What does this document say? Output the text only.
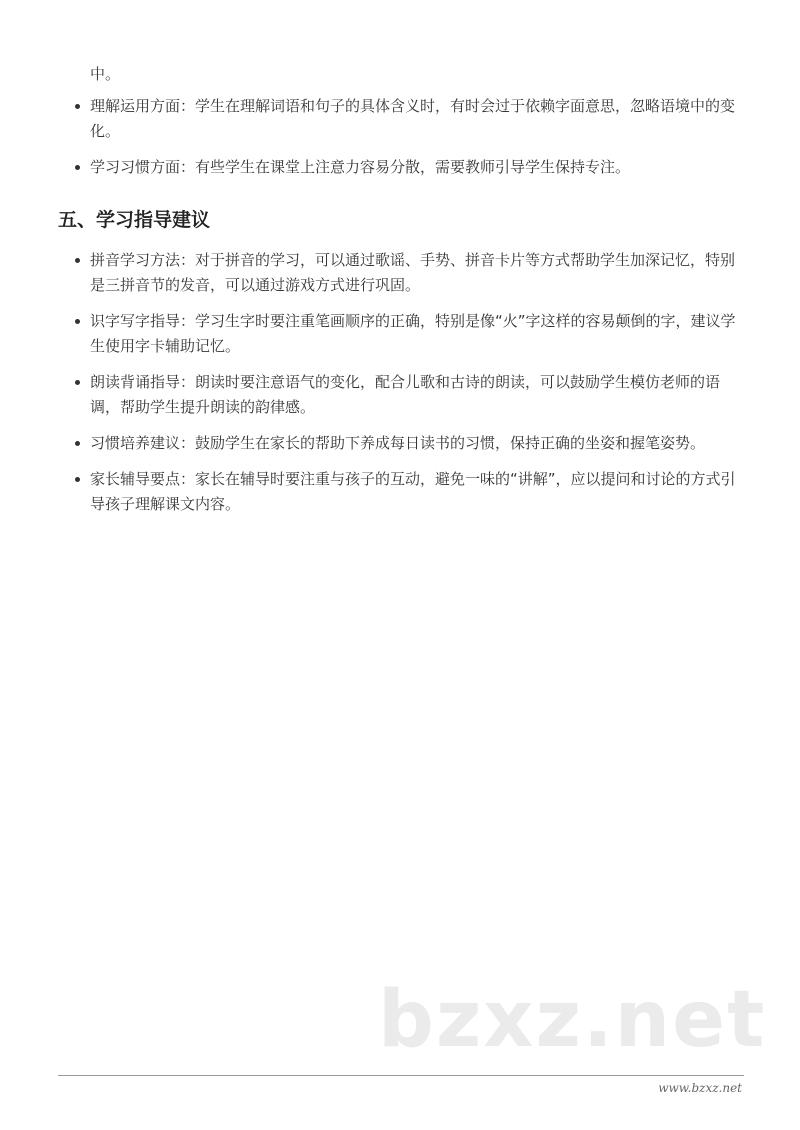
中。
理解运用方面：学生在理解词语和句子的具体含义时，有时会过于依赖字面意思，忽略语境中的变化。
学习习惯方面：有些学生在课堂上注意力容易分散，需要教师引导学生保持专注。
五、学习指导建议
拼音学习方法：对于拼音的学习，可以通过歌谣、手势、拼音卡片等方式帮助学生加深记忆，特别是三拼音节的发音，可以通过游戏方式进行巩固。
识字写字指导：学习生字时要注重笔画顺序的正确，特别是像“火”字这样的容易颠倒的字，建议学生使用字卡辅助记忆。
朗读背诵指导：朗读时要注意语气的变化，配合儿歌和古诗的朗读，可以鼓励学生模仿老师的语调，帮助学生提升朗读的韵律感。
习惯培养建议：鼓励学生在家长的帮助下养成每日读书的习惯，保持正确的坐姿和握笔姿势。
家长辅导要点：家长在辅导时要注重与孩子的互动，避免一味的“讲解”，应以提问和讨论的方式引导孩子理解课文内容。
bzxz.net
www.bzxz.net
